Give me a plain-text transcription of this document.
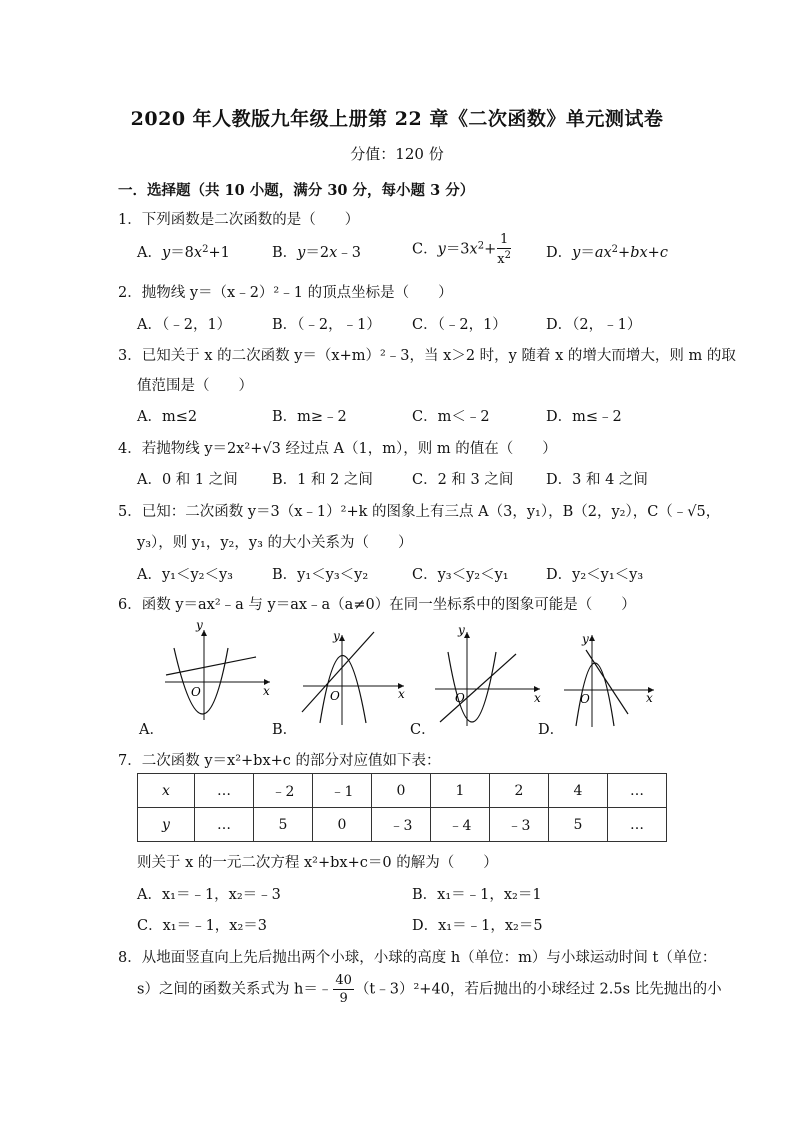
2020 年人教版九年级上册第 22 章《二次函数》单元测试卷
分值：120 份
一．选择题（共 10 小题，满分 30 分，每小题 3 分）
1．下列函数是二次函数的是（　　）
A．$y=8x^2+1$	B．y＝2x﹣3	C．$y=3x^2+ \frac{1}{x^2}$ D．$y=ax^2+bx+c$
2．抛物线 y＝（x﹣2）²﹣1 的顶点坐标是（　　）
A．（﹣2，1）	B．（﹣2，﹣1） C．（﹣2，1）	D．（2，﹣1）
3．已知关于 x 的二次函数 y＝（x+m）²﹣3，当 x＞2 时，y 随着 x 的增大而增大，则 m 的取
值范围是（　　）
A．m≤2	B．m≥﹣2	C．m＜﹣2	D．m≤﹣2
4．若抛物线 y＝2x²+√3 经过点 A（1，m），则 m 的值在（　　）
A．0 和 1 之间 B．1 和 2 之间	C．2 和 3 之间 D．3 和 4 之间
5．已知：二次函数 y＝3（x﹣1）²+k 的图象上有三点 A（3，y₁），B（2，y₂），C（﹣√5，
y₃），则 y₁，y₂，y₃ 的大小关系为（　　）
A．y₁＜y₂＜y₃	B．y₁＜y₃＜y₂	C．y₃＜y₂＜y₁	D．y₂＜y₁＜y₃
6．函数 y＝ax²﹣a 与 y＝ax﹣a（a≠0）在同一坐标系中的图象可能是（　　）
y
x
O
A．
y
x
O
B．
y
x
O
C．
y
x
O
D．
7．二次函数 y＝x²+bx+c 的部分对应值如下表：
x	…	﹣2	﹣1	0	1	2	4	…
y	…	5	0	﹣3	﹣4	﹣3	5	…
则关于 x 的一元二次方程 x²+bx+c＝0 的解为（　　）
A．x₁＝﹣1，x₂＝﹣3	B．x₁＝﹣1，x₂＝1
C．x₁＝﹣1，x₂＝3	D．x₁＝﹣1，x₂＝5
8．从地面竖直向上先后抛出两个小球，小球的高度 h（单位：m）与小球运动时间 t（单位：
s）之间的函数关系式为 h＝﹣ $\frac{40}{9}$ （t﹣3）²+40，若后抛出的小球经过 2.5s 比先抛出的小
